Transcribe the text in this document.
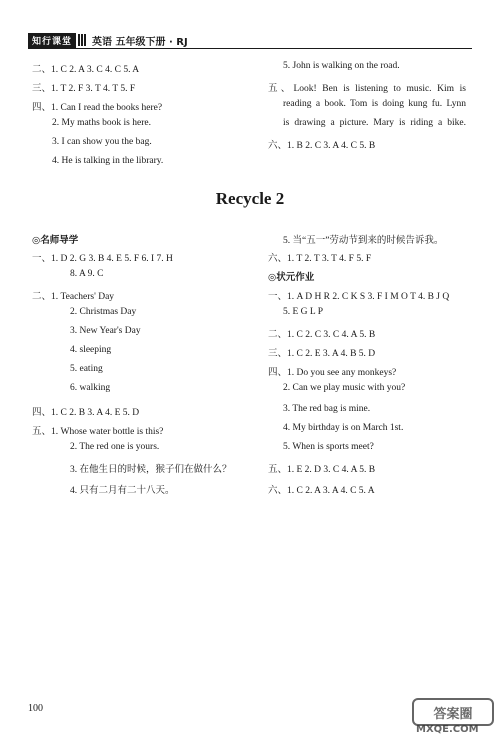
知行课堂	英语 五年级下册 · RJ
二、1. C 2. A 3. C 4. C 5. A
三、1. T 2. F 3. T 4. T 5. F
四、1. Can I read the books here?
2. My maths book is here.
3. I can show you the bag.
4. He is talking in the library.
5. John is walking on the road.
五、Look! Ben is listening to music. Kim is
reading a book. Tom is doing kung fu. Lynn
is drawing a picture. Mary is riding a bike.
六、1. B 2. C 3. A 4. C 5. B
Recycle 2
◎名师导学
一、1. D 2. G 3. B 4. E 5. F 6. I 7. H
8. A 9. C
二、1. Teachers' Day
2. Christmas Day
3. New Year's Day
4. sleeping
5. eating
6. walking
四、1. C 2. B 3. A 4. E 5. D
五、1. Whose water bottle is this?
2. The red one is yours.
3. 在他生日的时候，猴子们在做什么？
4. 只有二月有二十八天。
5. 当“五一”劳动节到来的时候告诉我。
六、1. T 2. T 3. T 4. F 5. F
◎状元作业
一、1. A D H R 2. C K S 3. F I M O T 4. B J Q
5. E G L P
二、1. C 2. C 3. C 4. A 5. B
三、1. C 2. E 3. A 4. B 5. D
四、1. Do you see any monkeys?
2. Can we play music with you?
3. The red bag is mine.
4. My birthday is on March 1st.
5. When is sports meet?
五、1. E 2. D 3. C 4. A 5. B
六、1. C 2. A 3. A 4. C 5. A
100	答案圈
MXQE.COM
